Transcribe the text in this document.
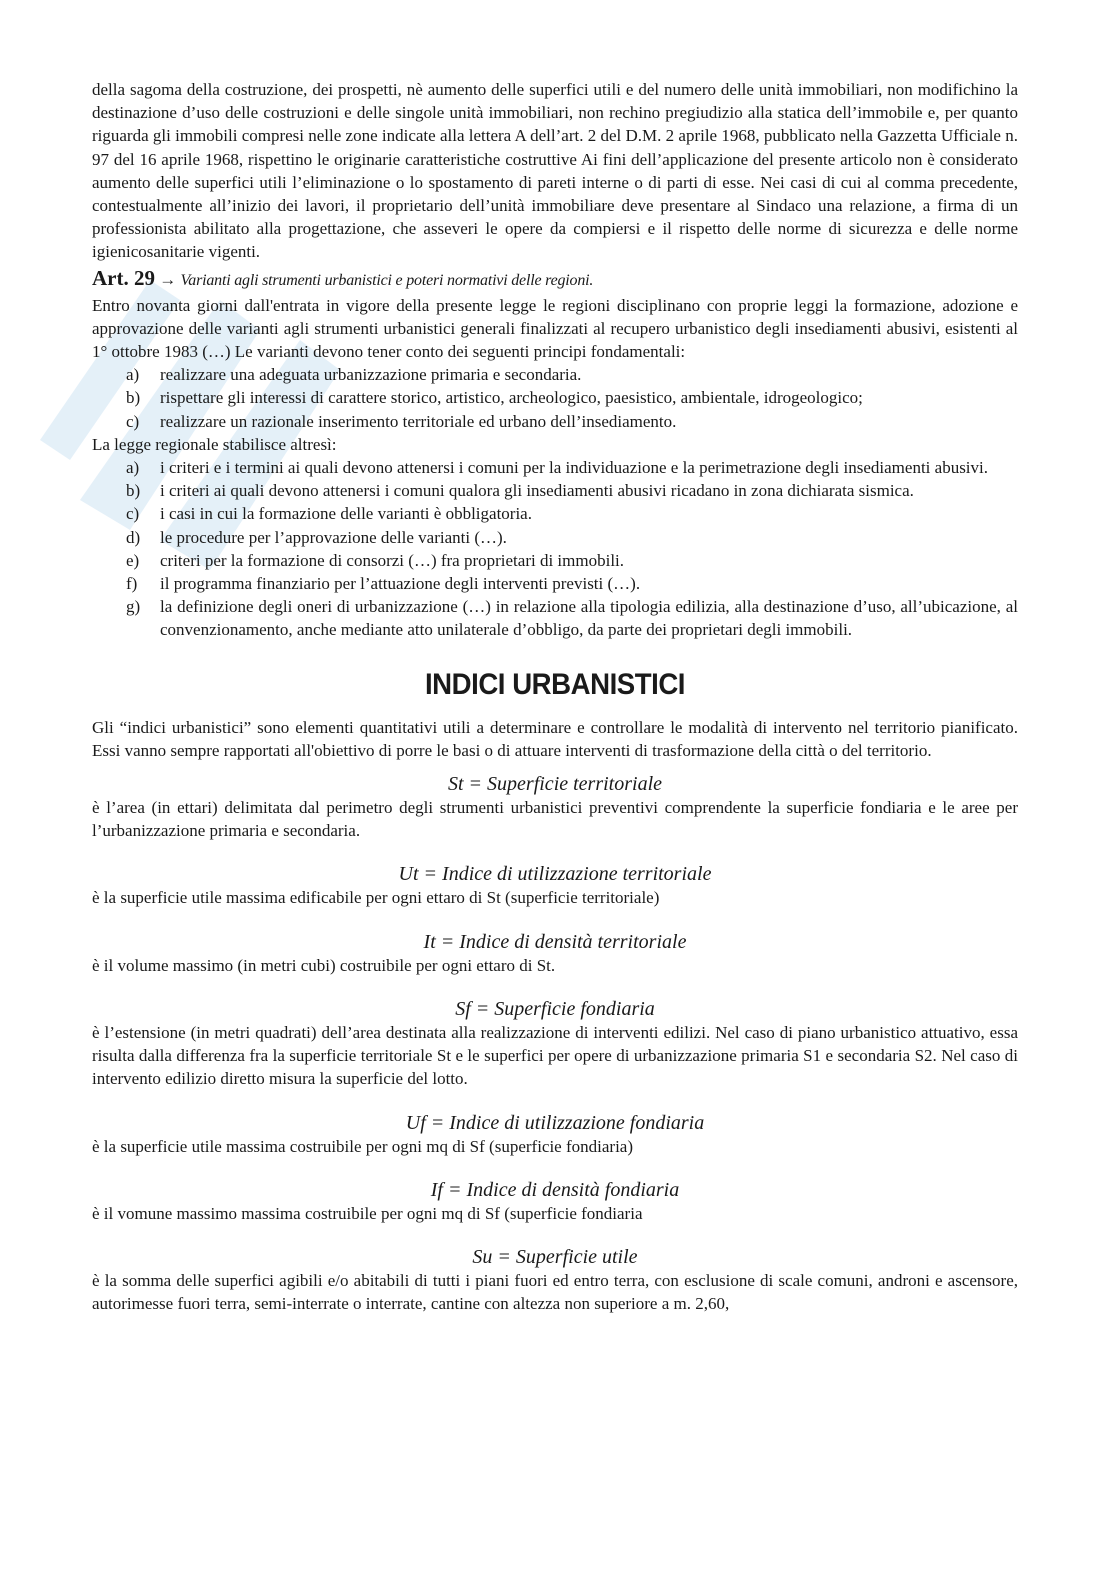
della sagoma della costruzione, dei prospetti, nè aumento delle superfici utili e del numero delle unità immobiliari, non modifichino la destinazione d’uso delle costruzioni e delle singole unità immobiliari, non rechino pregiudizio alla statica dell’immobile e, per quanto riguarda gli immobili compresi nelle zone indicate alla lettera A dell’art. 2 del D.M. 2 aprile 1968, pubblicato nella Gazzetta Ufficiale n. 97 del 16 aprile 1968, rispettino le originarie caratteristiche costruttive Ai fini dell’applicazione del presente articolo non è considerato aumento delle superfici utili l’eliminazione o lo spostamento di pareti interne o di parti di esse. Nei casi di cui al comma precedente, contestualmente all’inizio dei lavori, il proprietario dell’unità immobiliare deve presentare al Sindaco una relazione, a firma di un professionista abilitato alla progettazione, che asseveri le opere da compiersi e il rispetto delle norme di sicurezza e delle norme igienicosanitarie vigenti.

Art. 29 → Varianti agli strumenti urbanistici e poteri normativi delle regioni.

Entro novanta giorni dall'entrata in vigore della presente legge le regioni disciplinano con proprie leggi la formazione, adozione e approvazione delle varianti agli strumenti urbanistici generali finalizzati al recupero urbanistico degli insediamenti abusivi, esistenti al 1° ottobre 1983 (…) Le varianti devono tener conto dei seguenti principi fondamentali:

a) realizzare una adeguata urbanizzazione primaria e secondaria.
b) rispettare gli interessi di carattere storico, artistico, archeologico, paesistico, ambientale, idrogeologico;
c) realizzare un razionale inserimento territoriale ed urbano dell’insediamento.

La legge regionale stabilisce altresì:

a) i criteri e i termini ai quali devono attenersi i comuni per la individuazione e la perimetrazione degli insediamenti abusivi.
b) i criteri ai quali devono attenersi i comuni qualora gli insediamenti abusivi ricadano in zona dichiarata sismica.
c) i casi in cui la formazione delle varianti è obbligatoria.
d) le procedure per l’approvazione delle varianti (…).
e) criteri per la formazione di consorzi (…) fra proprietari di immobili.
f) il programma finanziario per l’attuazione degli interventi previsti (…).
g) la definizione degli oneri di urbanizzazione (…) in relazione alla tipologia edilizia, alla destinazione d’uso, all’ubicazione, al convenzionamento, anche mediante atto unilaterale d’obbligo, da parte dei proprietari degli immobili.
INDICI URBANISTICI

Gli “indici urbanistici” sono elementi quantitativi utili a determinare e controllare le modalità di intervento nel territorio pianificato. Essi vanno sempre rapportati all'obiettivo di porre le basi o di attuare interventi di trasformazione della città o del territorio.

St = Superficie territoriale

è l’area (in ettari) delimitata dal perimetro degli strumenti urbanistici preventivi comprendente la superficie fondiaria e le aree per l’urbanizzazione primaria e secondaria.

Ut = Indice di utilizzazione territoriale

è la superficie utile massima edificabile per ogni ettaro di St (superficie territoriale)

It = Indice di densità territoriale

è il volume massimo (in metri cubi) costruibile per ogni ettaro di St.

Sf = Superficie fondiaria

è l’estensione (in metri quadrati) dell’area destinata alla realizzazione di interventi edilizi. Nel caso di piano urbanistico attuativo, essa risulta dalla differenza fra la superficie territoriale St e le superfici per opere di urbanizzazione primaria S1 e secondaria S2. Nel caso di intervento edilizio diretto misura la superficie del lotto.

Uf = Indice di utilizzazione fondiaria

è la superficie utile massima costruibile per ogni mq di Sf (superficie fondiaria)

If = Indice di densità fondiaria

è il vomune massimo massima costruibile per ogni mq di Sf (superficie fondiaria

Su = Superficie utile

è la somma delle superfici agibili e/o abitabili di tutti i piani fuori ed entro terra, con esclusione di scale comuni, androni e ascensore, autorimesse fuori terra, semi-interrate o interrate, cantine con altezza non superiore a m. 2,60,
